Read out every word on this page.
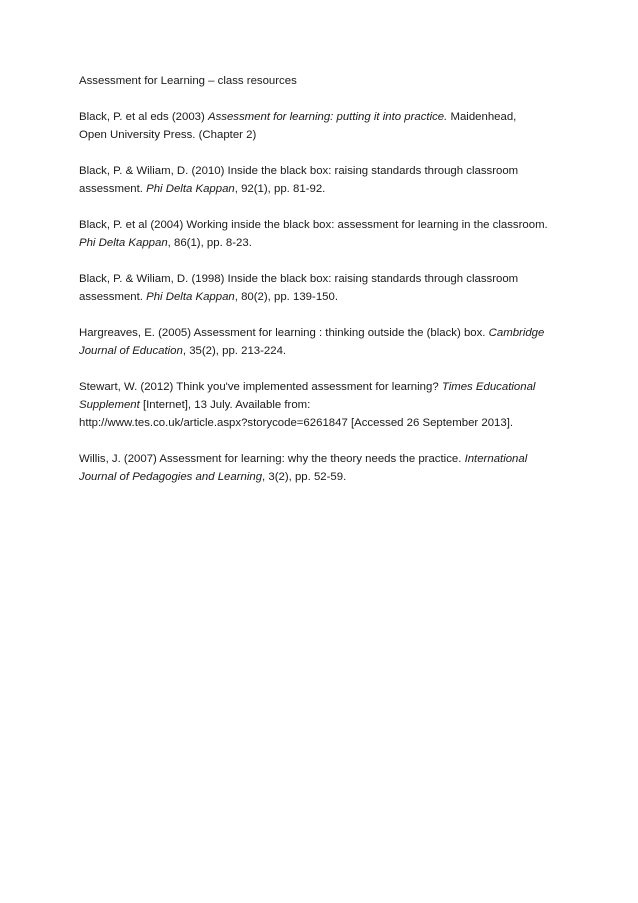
Assessment for Learning – class resources

Black, P. et al eds (2003) Assessment for learning: putting it into practice. Maidenhead,
Open University Press. (Chapter 2)

Black, P. & Wiliam, D. (2010) Inside the black box: raising standards through classroom
assessment. Phi Delta Kappan, 92(1), pp. 81-92.

Black, P. et al (2004) Working inside the black box: assessment for learning in the classroom.
Phi Delta Kappan, 86(1), pp. 8-23.

Black, P. & Wiliam, D. (1998) Inside the black box: raising standards through classroom
assessment. Phi Delta Kappan, 80(2), pp. 139-150.

Hargreaves, E. (2005) Assessment for learning : thinking outside the (black) box. Cambridge
Journal of Education, 35(2), pp. 213-224.

Stewart, W. (2012) Think you've implemented assessment for learning? Times Educational
Supplement [Internet], 13 July. Available from:
http://www.tes.co.uk/article.aspx?storycode=6261847 [Accessed 26 September 2013].

Willis, J. (2007) Assessment for learning: why the theory needs the practice. International
Journal of Pedagogies and Learning, 3(2), pp. 52-59.
